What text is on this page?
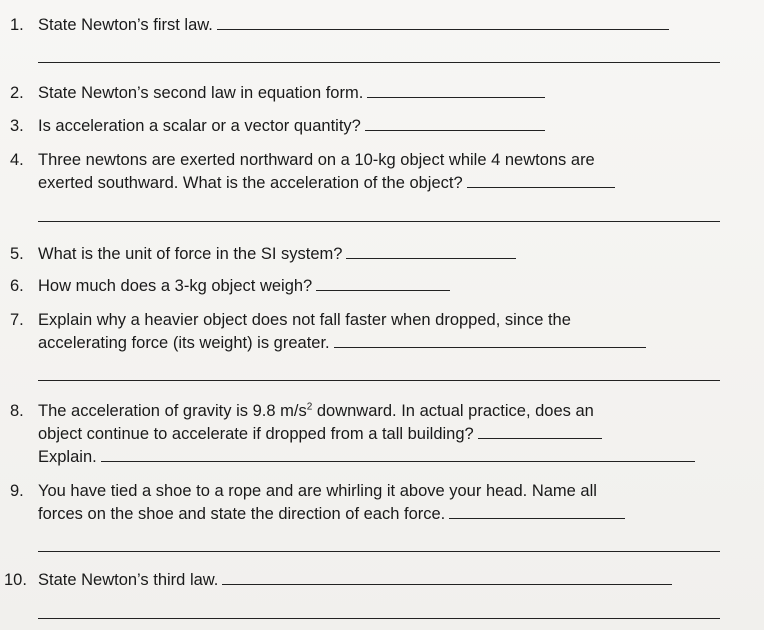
1. State Newton’s first law.
2. State Newton’s second law in equation form.
3. Is acceleration a scalar or a vector quantity?
4. Three newtons are exerted northward on a 10-kg object while 4 newtons are
exerted southward. What is the acceleration of the object?
5. What is the unit of force in the SI system?
6. How much does a 3-kg object weigh?
7. Explain why a heavier object does not fall faster when dropped, since the
accelerating force (its weight) is greater.
8. The acceleration of gravity is 9.8 $m/s^2$ downward. In actual practice, does an
object continue to accelerate if dropped from a tall building?
Explain.
9. You have tied a shoe to a rope and are whirling it above your head. Name all
forces on the shoe and state the direction of each force.
10. State Newton’s third law.
